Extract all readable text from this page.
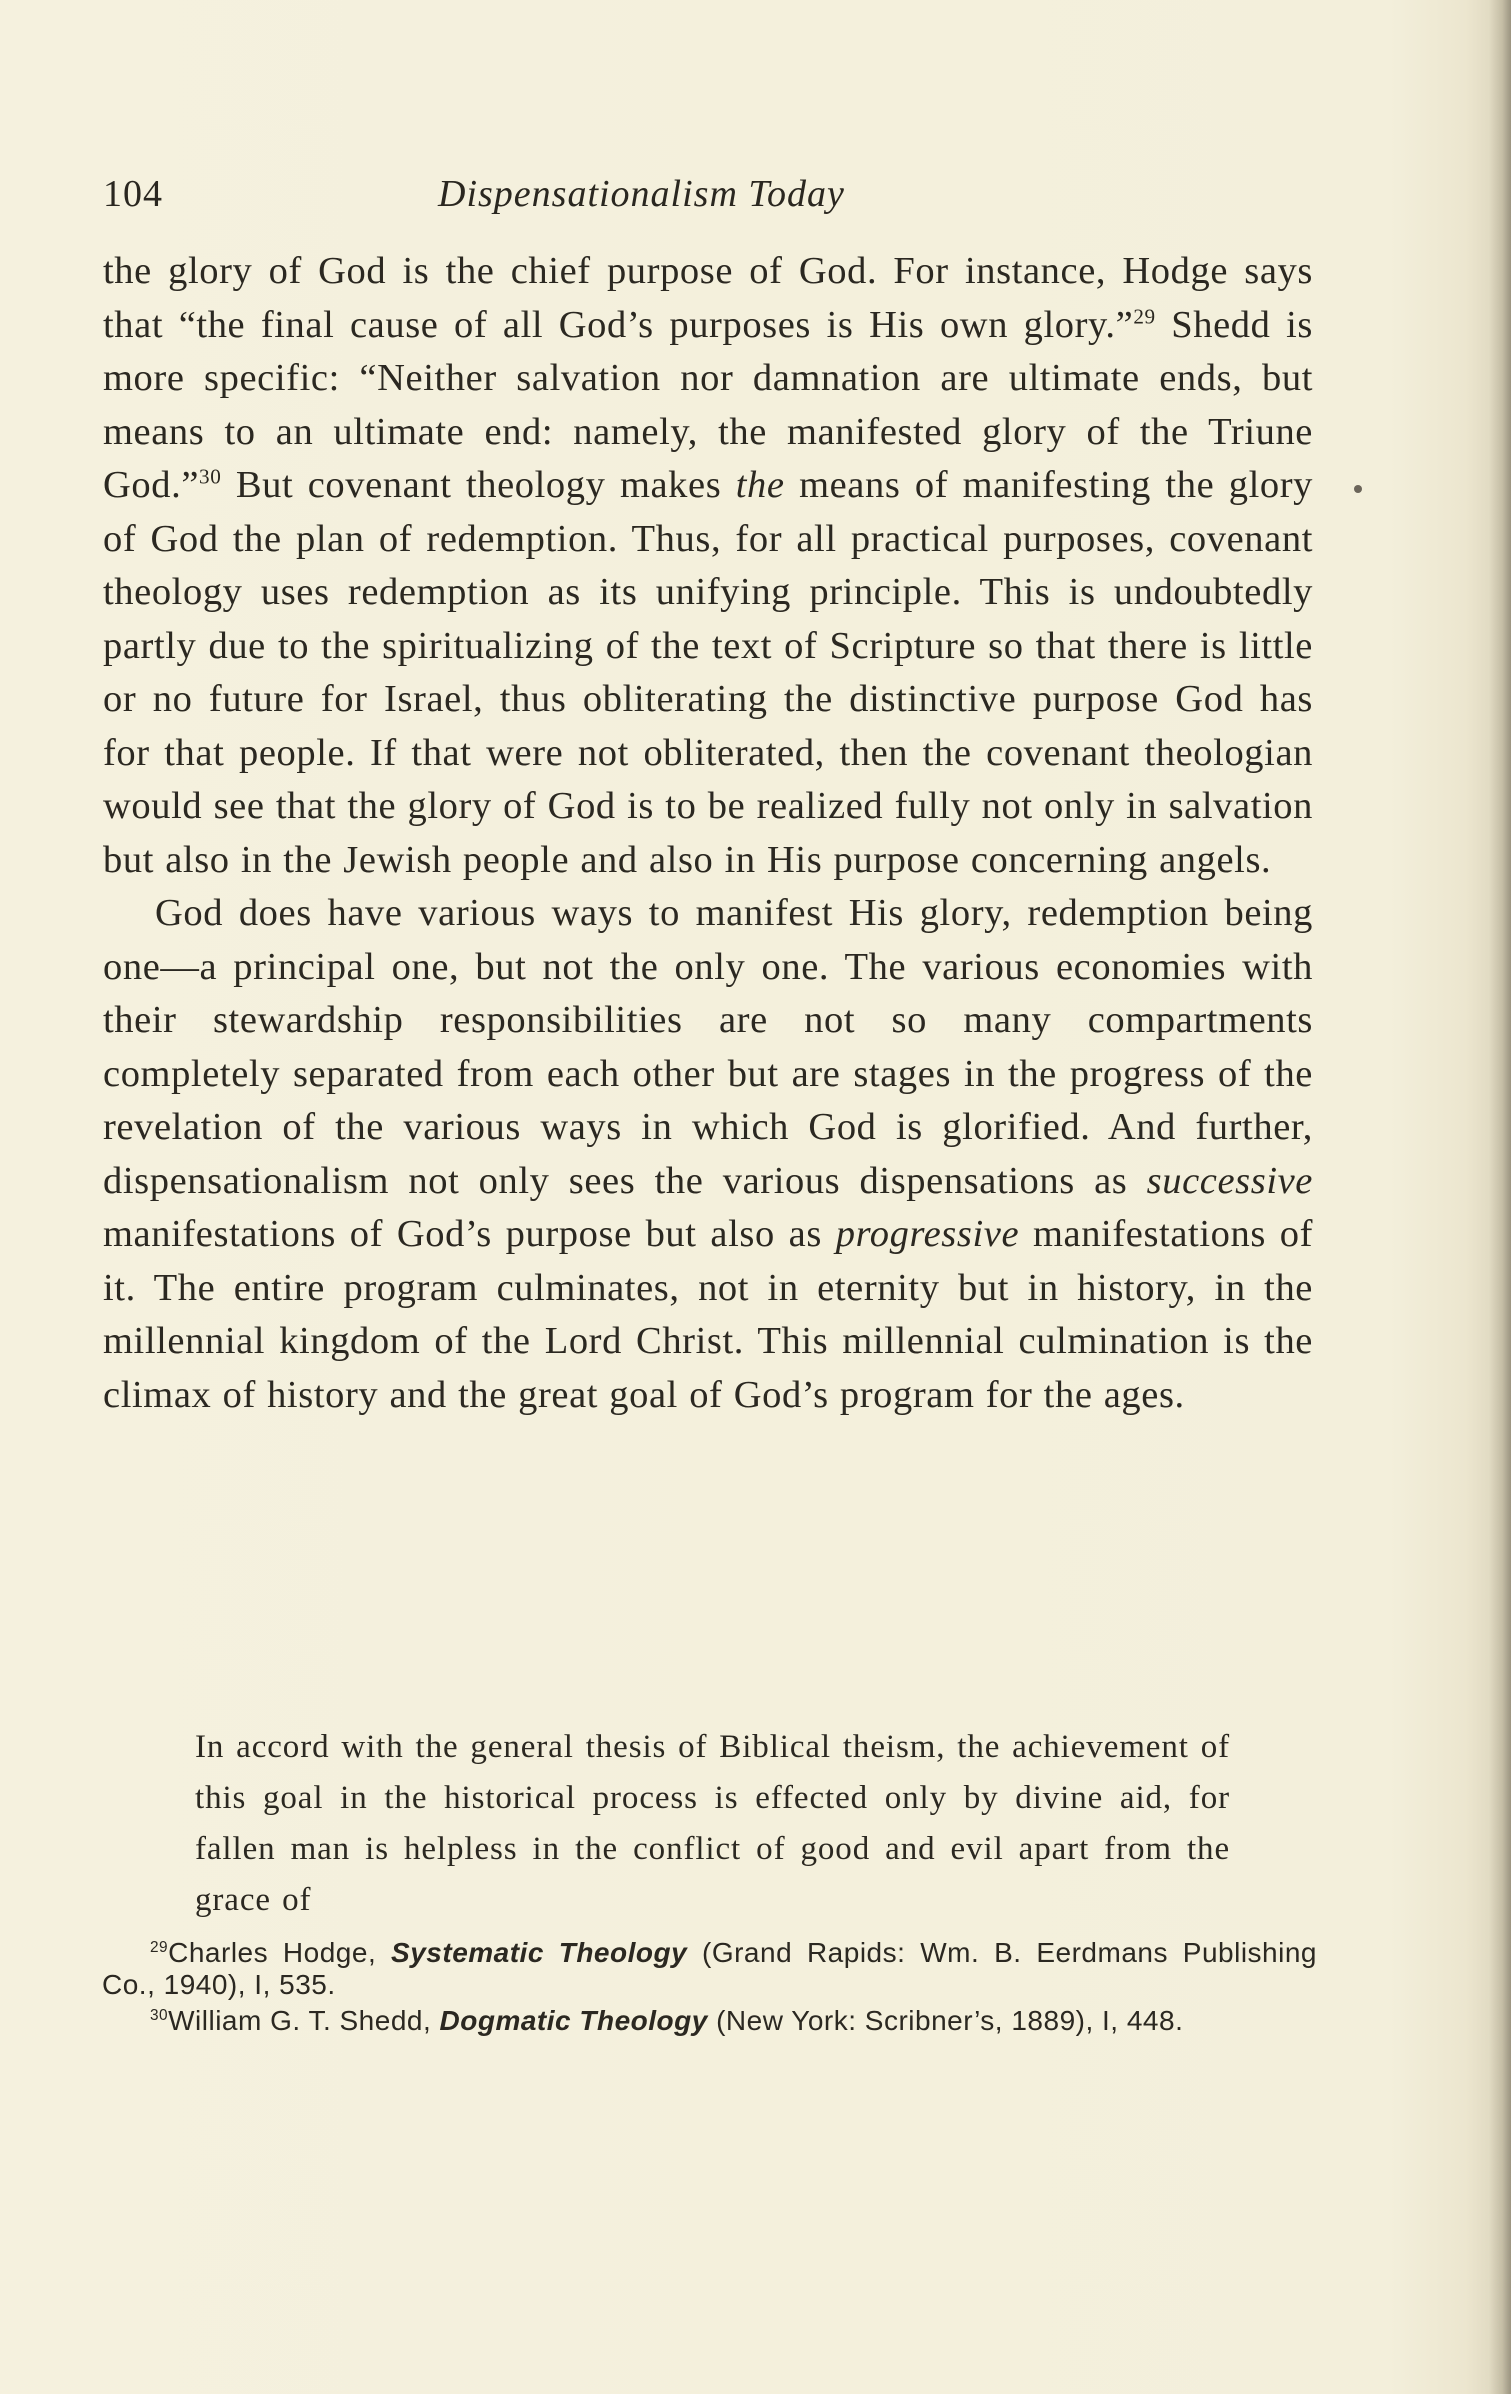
104	Dispensationalism Today

the glory of God is the chief purpose of God. For instance, Hodge says that “the final cause of all God’s purposes is His own glory.”$^{29}$ Shedd is more specific: “Neither salvation nor damnation are ultimate ends, but means to an ultimate end: namely, the manifested glory of the Triune God.”$^{30}$ But covenant theology makes the means of manifesting the glory of God the plan of redemption. Thus, for all practical purposes, covenant theology uses redemption as its unifying principle. This is undoubtedly partly due to the spiritualizing of the text of Scripture so that there is little or no future for Israel, thus obliterating the distinctive purpose God has for that people. If that were not obliterated, then the covenant theologian would see that the glory of God is to be realized fully not only in salvation but also in the Jewish people and also in His purpose concerning angels.

God does have various ways to manifest His glory, redemption being one—a principal one, but not the only one. The various economies with their stewardship responsibilities are not so many compartments completely separated from each other but are stages in the progress of the revelation of the various ways in which God is glorified. And further, dispensationalism not only sees the various dispensations as successive manifestations of God’s purpose but also as progressive manifestations of it. The entire program culminates, not in eternity but in history, in the millennial kingdom of the Lord Christ. This millennial culmination is the climax of history and the great goal of God’s program for the ages.

In accord with the general thesis of Biblical theism, the achievement of this goal in the historical process is effected only by divine aid, for fallen man is helpless in the conflict of good and evil apart from the grace of

$^{29}$Charles Hodge, Systematic Theology (Grand Rapids: Wm. B. Eerdmans Publishing Co., 1940), I, 535.

$^{30}$William G. T. Shedd, Dogmatic Theology (New York: Scribner’s, 1889), I, 448.
